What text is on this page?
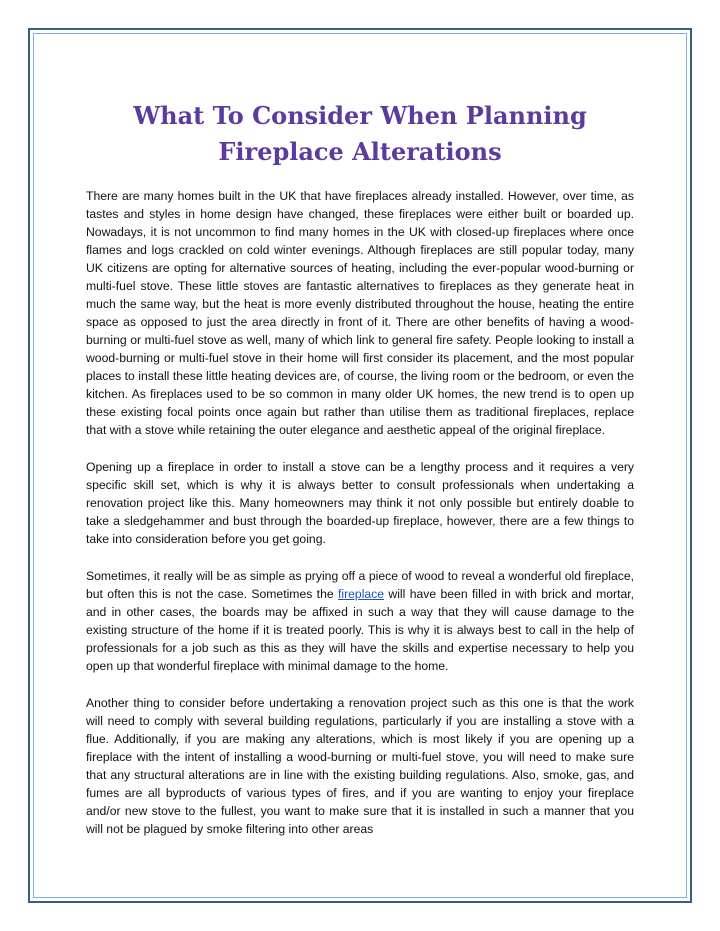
What To Consider When Planning Fireplace Alterations

There are many homes built in the UK that have fireplaces already installed. However, over time, as tastes and styles in home design have changed, these fireplaces were either built or boarded up. Nowadays, it is not uncommon to find many homes in the UK with closed-up fireplaces where once flames and logs crackled on cold winter evenings. Although fireplaces are still popular today, many UK citizens are opting for alternative sources of heating, including the ever-popular wood-burning or multi-fuel stove. These little stoves are fantastic alternatives to fireplaces as they generate heat in much the same way, but the heat is more evenly distributed throughout the house, heating the entire space as opposed to just the area directly in front of it. There are other benefits of having a wood-burning or multi-fuel stove as well, many of which link to general fire safety. People looking to install a wood-burning or multi-fuel stove in their home will first consider its placement, and the most popular places to install these little heating devices are, of course, the living room or the bedroom, or even the kitchen. As fireplaces used to be so common in many older UK homes, the new trend is to open up these existing focal points once again but rather than utilise them as traditional fireplaces, replace that with a stove while retaining the outer elegance and aesthetic appeal of the original fireplace.

Opening up a fireplace in order to install a stove can be a lengthy process and it requires a very specific skill set, which is why it is always better to consult professionals when undertaking a renovation project like this. Many homeowners may think it not only possible but entirely doable to take a sledgehammer and bust through the boarded-up fireplace, however, there are a few things to take into consideration before you get going.

Sometimes, it really will be as simple as prying off a piece of wood to reveal a wonderful old fireplace, but often this is not the case. Sometimes the fireplace will have been filled in with brick and mortar, and in other cases, the boards may be affixed in such a way that they will cause damage to the existing structure of the home if it is treated poorly. This is why it is always best to call in the help of professionals for a job such as this as they will have the skills and expertise necessary to help you open up that wonderful fireplace with minimal damage to the home.

Another thing to consider before undertaking a renovation project such as this one is that the work will need to comply with several building regulations, particularly if you are installing a stove with a flue. Additionally, if you are making any alterations, which is most likely if you are opening up a fireplace with the intent of installing a wood-burning or multi-fuel stove, you will need to make sure that any structural alterations are in line with the existing building regulations. Also, smoke, gas, and fumes are all byproducts of various types of fires, and if you are wanting to enjoy your fireplace and/or new stove to the fullest, you want to make sure that it is installed in such a manner that you will not be plagued by smoke filtering into other areas
